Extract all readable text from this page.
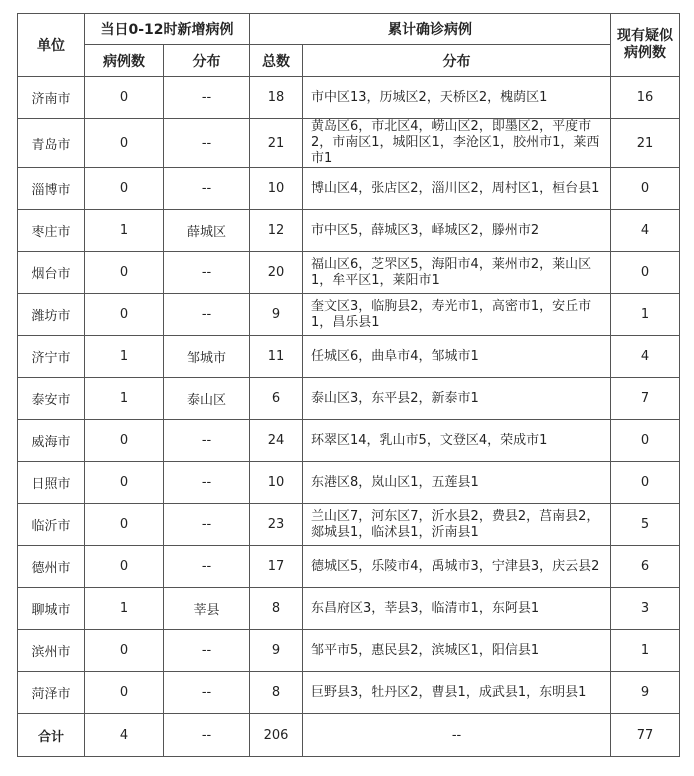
单位	当日0-12时新增病例		累计确诊病例		现有疑似病例数
	病例数	分布	总数	分布	
济南市	0	--	18	市中区13，历城区2，天桥区2，槐荫区1	16
青岛市	0	--	21	黄岛区6，市北区4，崂山区2，即墨区2，平度市2，市南区1，城阳区1，李沧区1，胶州市1，莱西市1	21
淄博市	0	--	10	博山区4，张店区2，淄川区2，周村区1，桓台县1	0
枣庄市	1	薛城区	12	市中区5，薛城区3，峄城区2，滕州市2	4
烟台市	0	--	20	福山区6，芝罘区5，海阳市4，莱州市2，莱山区1，牟平区1，莱阳市1	0
潍坊市	0	--	9	奎文区3，临朐县2，寿光市1，高密市1，安丘市1，昌乐县1	1
济宁市	1	邹城市	11	任城区6，曲阜市4，邹城市1	4
泰安市	1	泰山区	6	泰山区3，东平县2，新泰市1	7
威海市	0	--	24	环翠区14，乳山市5，文登区4，荣成市1	0
日照市	0	--	10	东港区8，岚山区1，五莲县1	0
临沂市	0	--	23	兰山区7，河东区7，沂水县2，费县2，莒南县2，郯城县1，临沭县1，沂南县1	5
德州市	0	--	17	德城区5，乐陵市4，禹城市3，宁津县3，庆云县2	6
聊城市	1	莘县	8	东昌府区3，莘县3，临清市1，东阿县1	3
滨州市	0	--	9	邹平市5，惠民县2，滨城区1，阳信县1	1
菏泽市	0	--	8	巨野县3，牡丹区2，曹县1，成武县1，东明县1	9
合计	4	--	206	--	77
